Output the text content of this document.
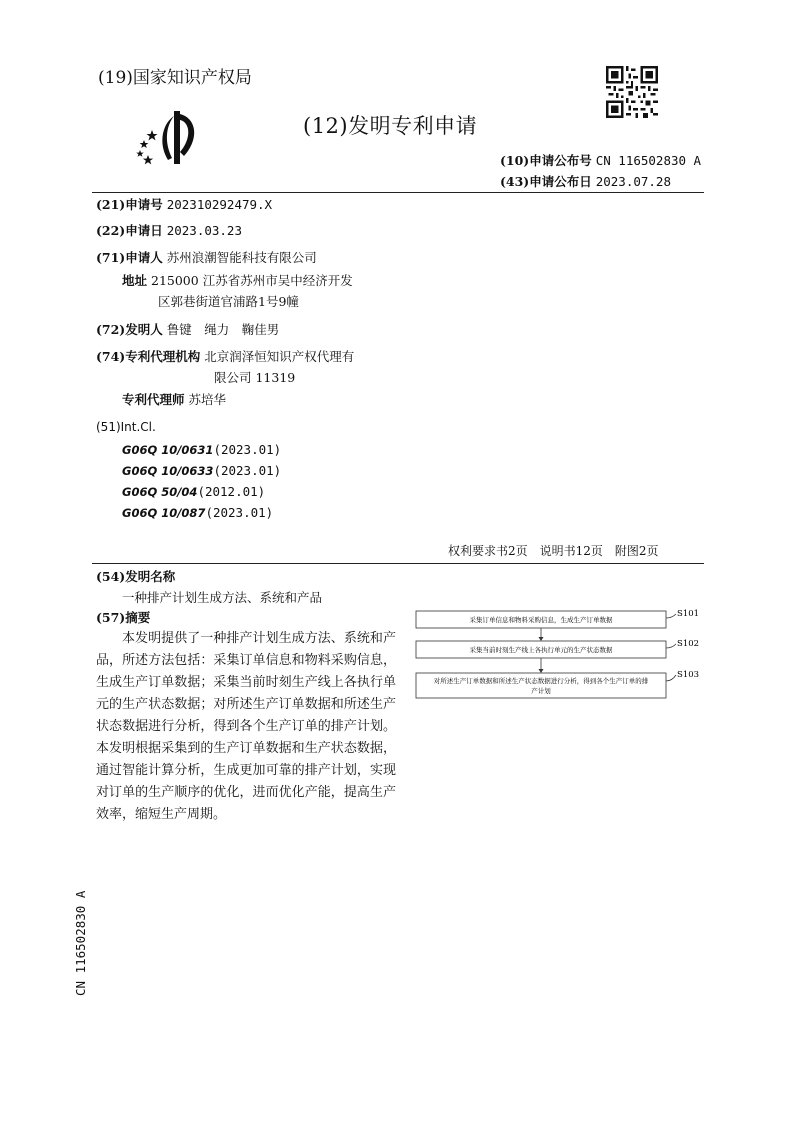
(19)国家知识产权局
(12)发明专利申请
(10)申请公布号 CN 116502830 A
(43)申请公布日 2023.07.28
(21)申请号 202310292479.X
(22)申请日 2023.03.23
(71)申请人 苏州浪潮智能科技有限公司
地址 215000 江苏省苏州市吴中经济开发
区郭巷街道官浦路1号9幢
(72)发明人 鲁键　绳力　鞠佳男
(74)专利代理机构 北京润泽恒知识产权代理有
限公司 11319
专利代理师 苏培华
(51)Int.Cl.
G06Q 10/0631(2023.01)
G06Q 10/0633(2023.01)
G06Q 50/04(2012.01)
G06Q 10/087(2023.01)
权利要求书2页　说明书12页　附图2页
(54)发明名称
一种排产计划生成方法、系统和产品
(57)摘要

本发明提供了一种排产计划生成方法、系统和产品，所述方法包括：采集订单信息和物料采购信息，生成生产订单数据；采集当前时刻生产线上各执行单元的生产状态数据；对所述生产订单数据和所述生产状态数据进行分析，得到各个生产订单的排产计划。本发明根据采集到的生产订单数据和生产状态数据，通过智能计算分析，生成更加可靠的排产计划，实现对订单的生产顺序的优化，进而优化产能，提高生产效率，缩短生产周期。

采集订单信息和物料采购信息，生成生产订单数据
采集当前时刻生产线上各执行单元的生产状态数据
对所述生产订单数据和所述生产状态数据进行分析，得到各个生产订单的排
产计划
S101
S102
S103
CN 116502830 A
